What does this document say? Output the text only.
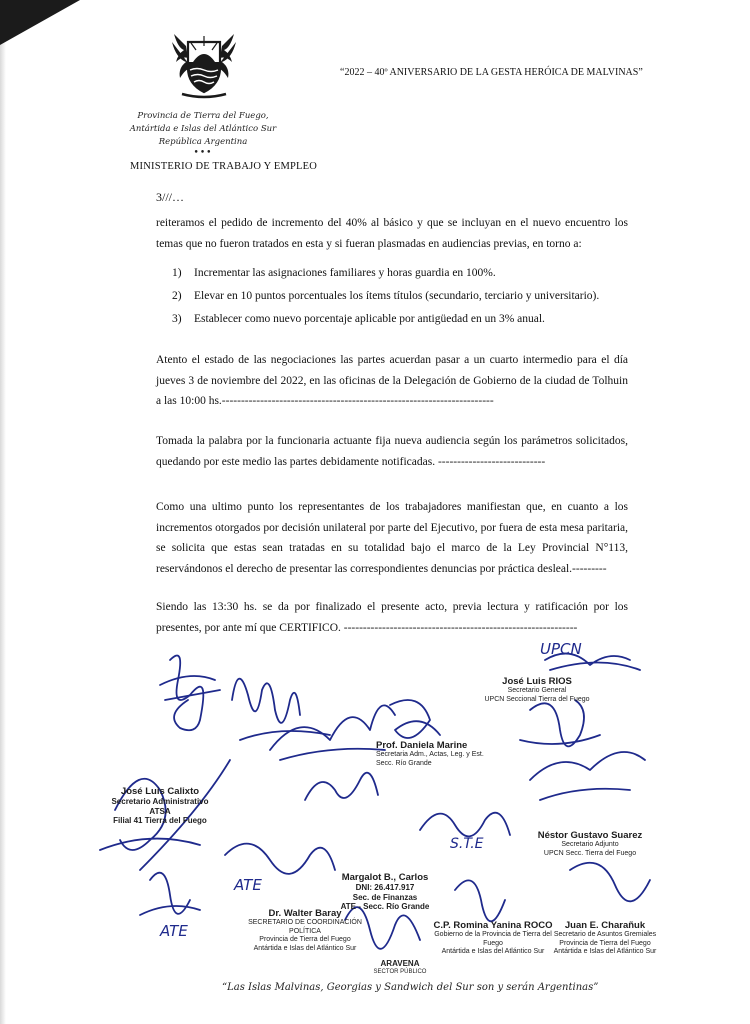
Provincia de Tierra del Fuego,
Antártida e Islas del Atlántico Sur
República Argentina
•••
MINISTERIO DE TRABAJO Y EMPLEO
“2022 – 40º ANIVERSARIO DE LA GESTA HERÓICA DE MALVINAS”
3///…
reiteramos el pedido de incremento del 40% al básico y que se incluyan en el nuevo encuentro los temas que no fueron tratados en esta y si fueran plasmadas en audiencias previas, en torno a:
1)	Incrementar las asignaciones familiares y horas guardia en 100%.
2)	Elevar en 10 puntos porcentuales los ítems títulos (secundario, terciario y universitario).
3)	Establecer como nuevo porcentaje aplicable por antigüedad en un 3% anual.
Atento el estado de las negociaciones las partes acuerdan pasar a un cuarto intermedio para el día jueves 3 de noviembre del 2022, en las oficinas de la Delegación de Gobierno de la ciudad de Tolhuin a las 10:00 hs.-----------------------------------------------------------------------
Tomada la palabra por la funcionaria actuante fija nueva audiencia según los parámetros solicitados, quedando por este medio las partes debidamente notificadas. ----------------------------
Como una ultimo punto los representantes de los trabajadores manifiestan que, en cuanto a los incrementos otorgados por decisión unilateral por parte del Ejecutivo, por fuera de esta mesa paritaria, se solicita que estas sean tratadas en su totalidad bajo el marco de la Ley Provincial N°113, reservándonos el derecho de presentar las correspondientes denuncias por práctica desleal.---------
Siendo las 13:30 hs. se da por finalizado el presente acto, previa lectura y ratificación por los presentes, por ante mí que CERTIFICO. -------------------------------------------------------------
José Luis RIOS
Secretario General
UPCN Seccional Tierra del Fuego
Prof. Daniela Marine
Secretaria Adm., Actas, Leg. y Est.
Secc. Río Grande
José Luis Calixto
Secretario Administrativo
ATSA
Filial 41 Tierra del Fuego
Néstor Gustavo Suarez
Secretario Adjunto
UPCN Secc. Tierra del Fuego
Margalot B., Carlos
DNI: 26.417.917
Sec. de Finanzas
ATE - Secc. Río Grande
Dr. Walter Baray
SECRETARIO DE COORDINACIÓN POLÍTICA
Provincia de Tierra del Fuego
Antártida e Islas del Atlántico Sur
C.P. Romina Yanina ROCO
Gobierno de la Provincia de Tierra del Fuego
Antártida e Islas del Atlántico Sur
Juan E. Charañuk
Secretario de Asuntos Gremiales
Provincia de Tierra del Fuego
Antártida e Islas del Atlántico Sur
ARAVENA
SECTOR PÚBLICO
UPCN
ATE
S.T.E
ATE
“Las Islas Malvinas, Georgias y Sandwich del Sur son y serán Argentinas”
